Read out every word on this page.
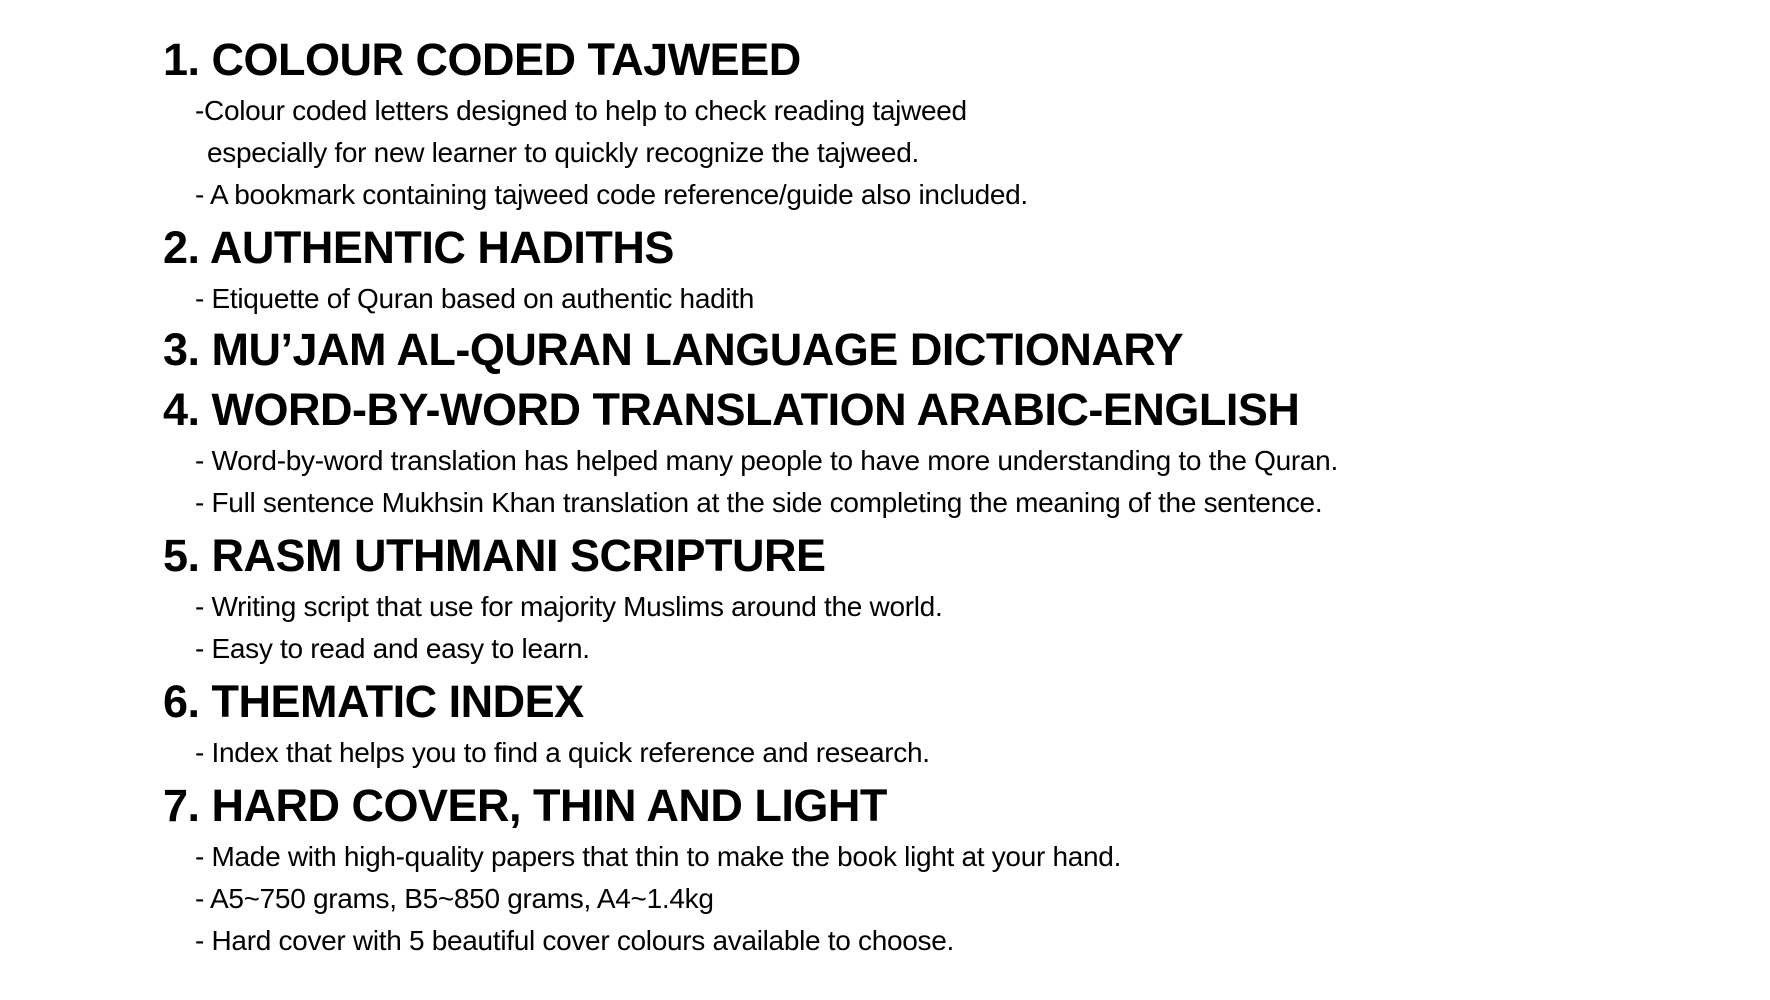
1. COLOUR CODED TAJWEED
-Colour coded letters designed to help to check reading tajweed
especially for new learner to quickly recognize the tajweed.
- A bookmark containing tajweed code reference/guide also included.
2. AUTHENTIC HADITHS
- Etiquette of Quran based on authentic hadith
3. MU’JAM AL-QURAN LANGUAGE DICTIONARY
4. WORD-BY-WORD TRANSLATION ARABIC-ENGLISH
- Word-by-word translation has helped many people to have more understanding to the Quran.
- Full sentence Mukhsin Khan translation at the side completing the meaning of the sentence.
5. RASM UTHMANI SCRIPTURE
- Writing script that use for majority Muslims around the world.
- Easy to read and easy to learn.
6. THEMATIC INDEX
- Index that helps you to find a quick reference and research.
7. HARD COVER, THIN AND LIGHT
- Made with high-quality papers that thin to make the book light at your hand.
- A5~750 grams, B5~850 grams, A4~1.4kg
- Hard cover with 5 beautiful cover colours available to choose.
